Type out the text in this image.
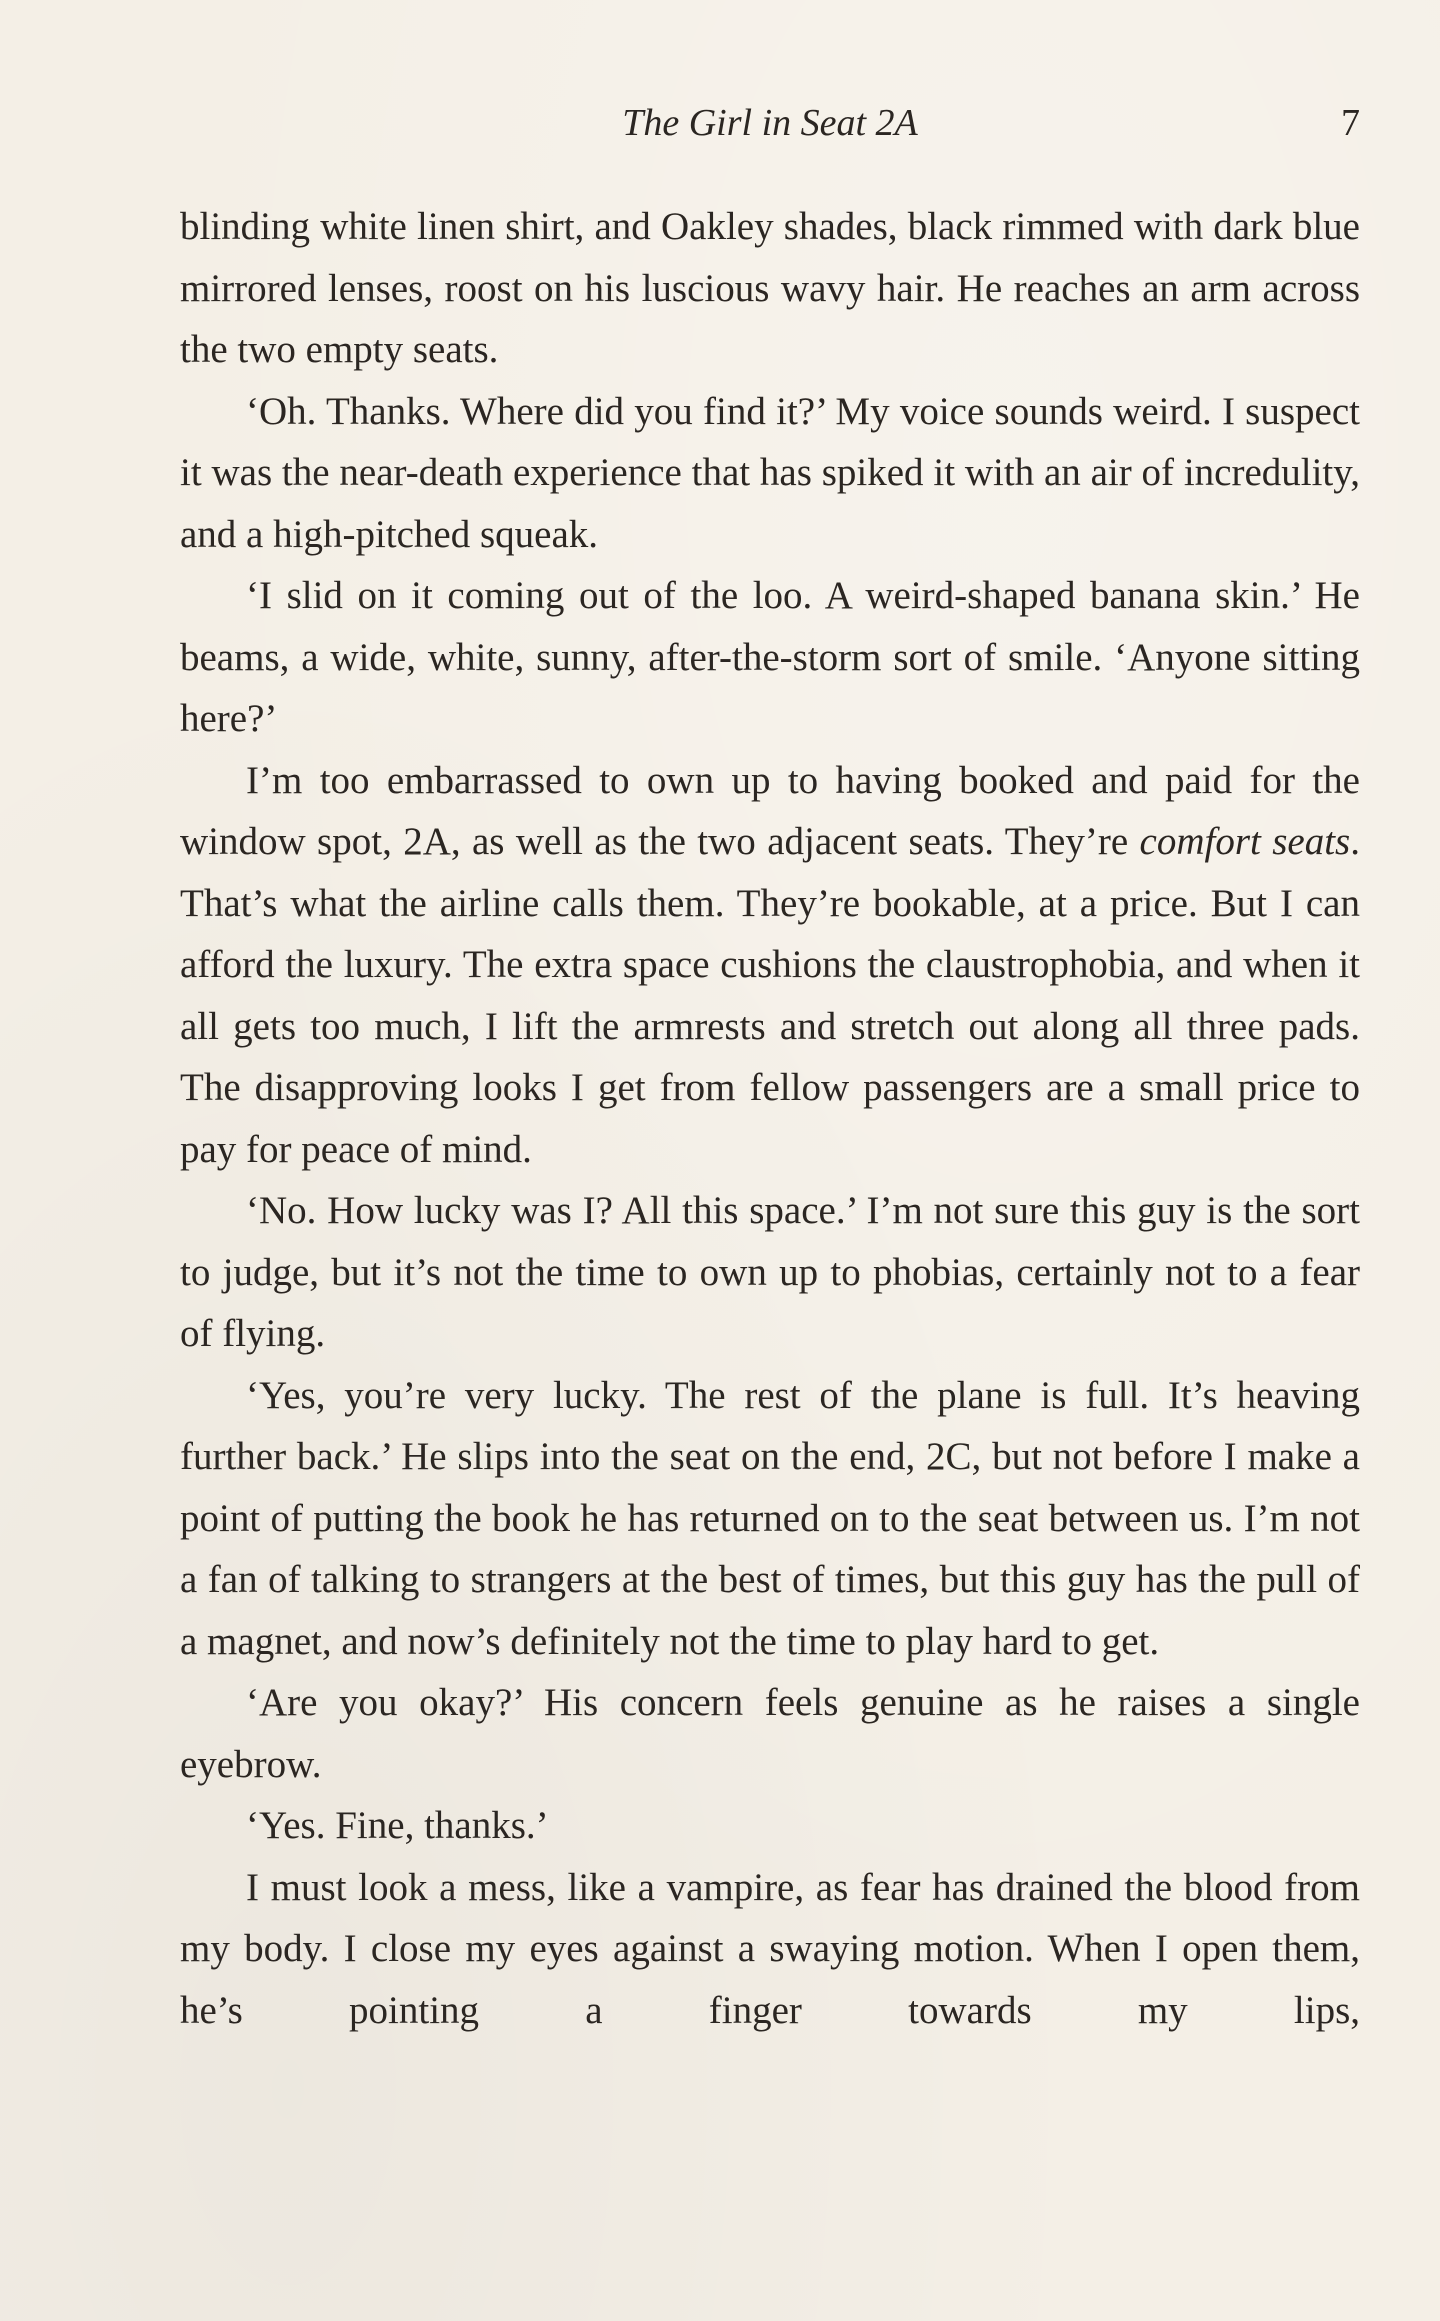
The Girl in Seat 2A	7

blinding white linen shirt, and Oakley shades, black rimmed with dark blue mirrored lenses, roost on his luscious wavy hair. He reaches an arm across the two empty seats.

‘Oh. Thanks. Where did you find it?’ My voice sounds weird. I suspect it was the near-death experience that has spiked it with an air of incredulity, and a high-pitched squeak.

‘I slid on it coming out of the loo. A weird-shaped banana skin.’ He beams, a wide, white, sunny, after-the-storm sort of smile. ‘Anyone sitting here?’

I’m too embarrassed to own up to having booked and paid for the window spot, 2A, as well as the two adjacent seats. They’re comfort seats. That’s what the airline calls them. They’re bookable, at a price. But I can afford the luxury. The extra space cushions the claustrophobia, and when it all gets too much, I lift the armrests and stretch out along all three pads. The disapproving looks I get from fellow passengers are a small price to pay for peace of mind.

‘No. How lucky was I? All this space.’ I’m not sure this guy is the sort to judge, but it’s not the time to own up to phobias, certainly not to a fear of flying.

‘Yes, you’re very lucky. The rest of the plane is full. It’s heaving further back.’ He slips into the seat on the end, 2C, but not before I make a point of putting the book he has returned on to the seat between us. I’m not a fan of talking to strangers at the best of times, but this guy has the pull of a magnet, and now’s definitely not the time to play hard to get.

‘Are you okay?’ His concern feels genuine as he raises a single eyebrow.

‘Yes. Fine, thanks.’

I must look a mess, like a vampire, as fear has drained the blood from my body. I close my eyes against a swaying motion. When I open them, he’s pointing a finger towards my lips,
